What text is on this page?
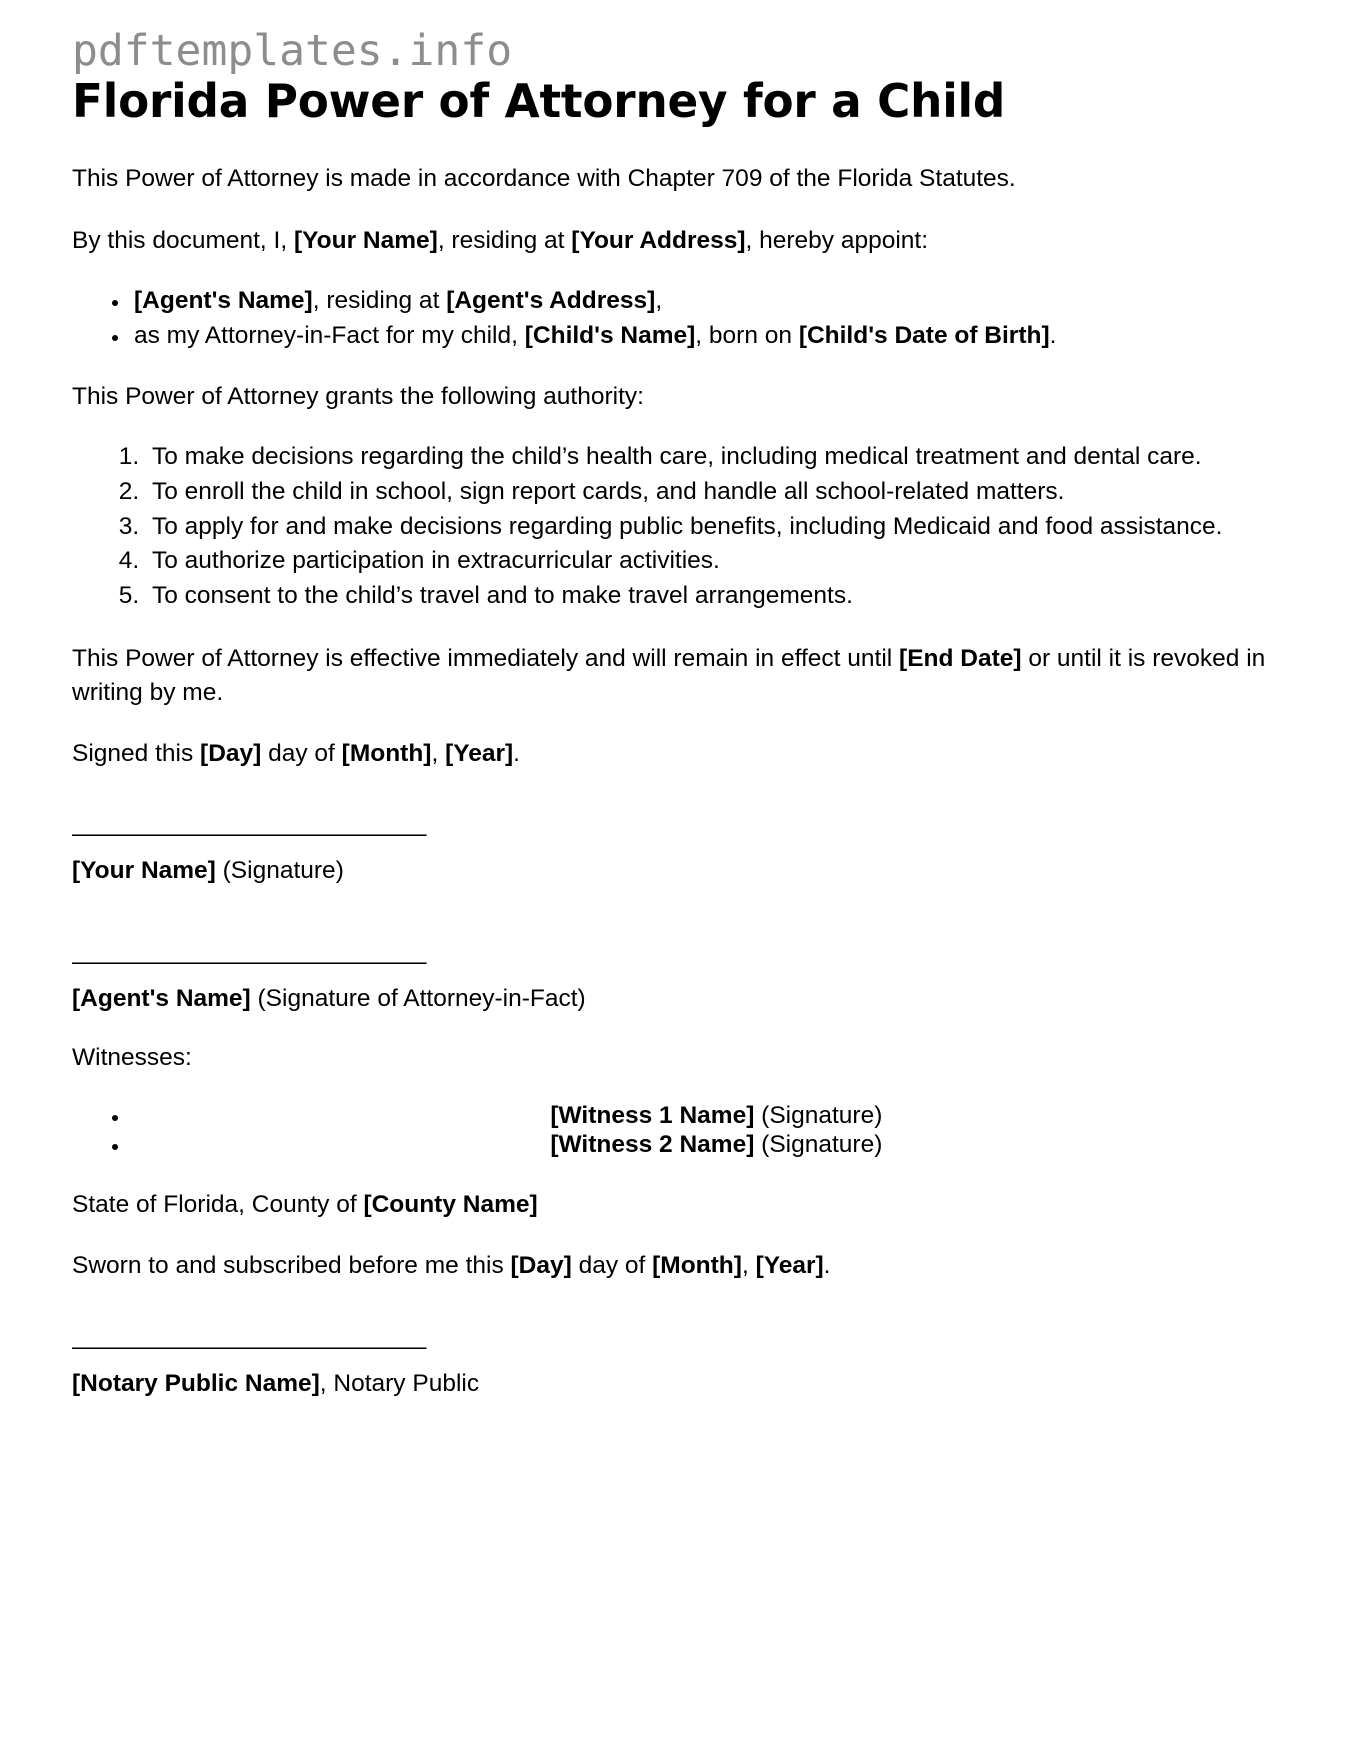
pdftemplates.info
Florida Power of Attorney for a Child

This Power of Attorney is made in accordance with Chapter 709 of the Florida Statutes.

By this document, I, [Your Name], residing at [Your Address], hereby appoint:

• [Agent's Name], residing at [Agent's Address],
• as my Attorney-in-Fact for my child, [Child's Name], born on [Child's Date of Birth].

This Power of Attorney grants the following authority:

1. To make decisions regarding the child’s health care, including medical treatment and dental care.
2. To enroll the child in school, sign report cards, and handle all school-related matters.
3. To apply for and make decisions regarding public benefits, including Medicaid and food assistance.
4. To authorize participation in extracurricular activities.
5. To consent to the child’s travel and to make travel arrangements.

This Power of Attorney is effective immediately and will remain in effect until [End Date] or until it is revoked in writing by me.

Signed this [Day] day of [Month], [Year].

__________________________

[Your Name] (Signature)

__________________________

[Agent's Name] (Signature of Attorney-in-Fact)

Witnesses:

• [Witness 1 Name] (Signature)
• [Witness 2 Name] (Signature)

State of Florida, County of [County Name]

Sworn to and subscribed before me this [Day] day of [Month], [Year].

__________________________

[Notary Public Name], Notary Public
